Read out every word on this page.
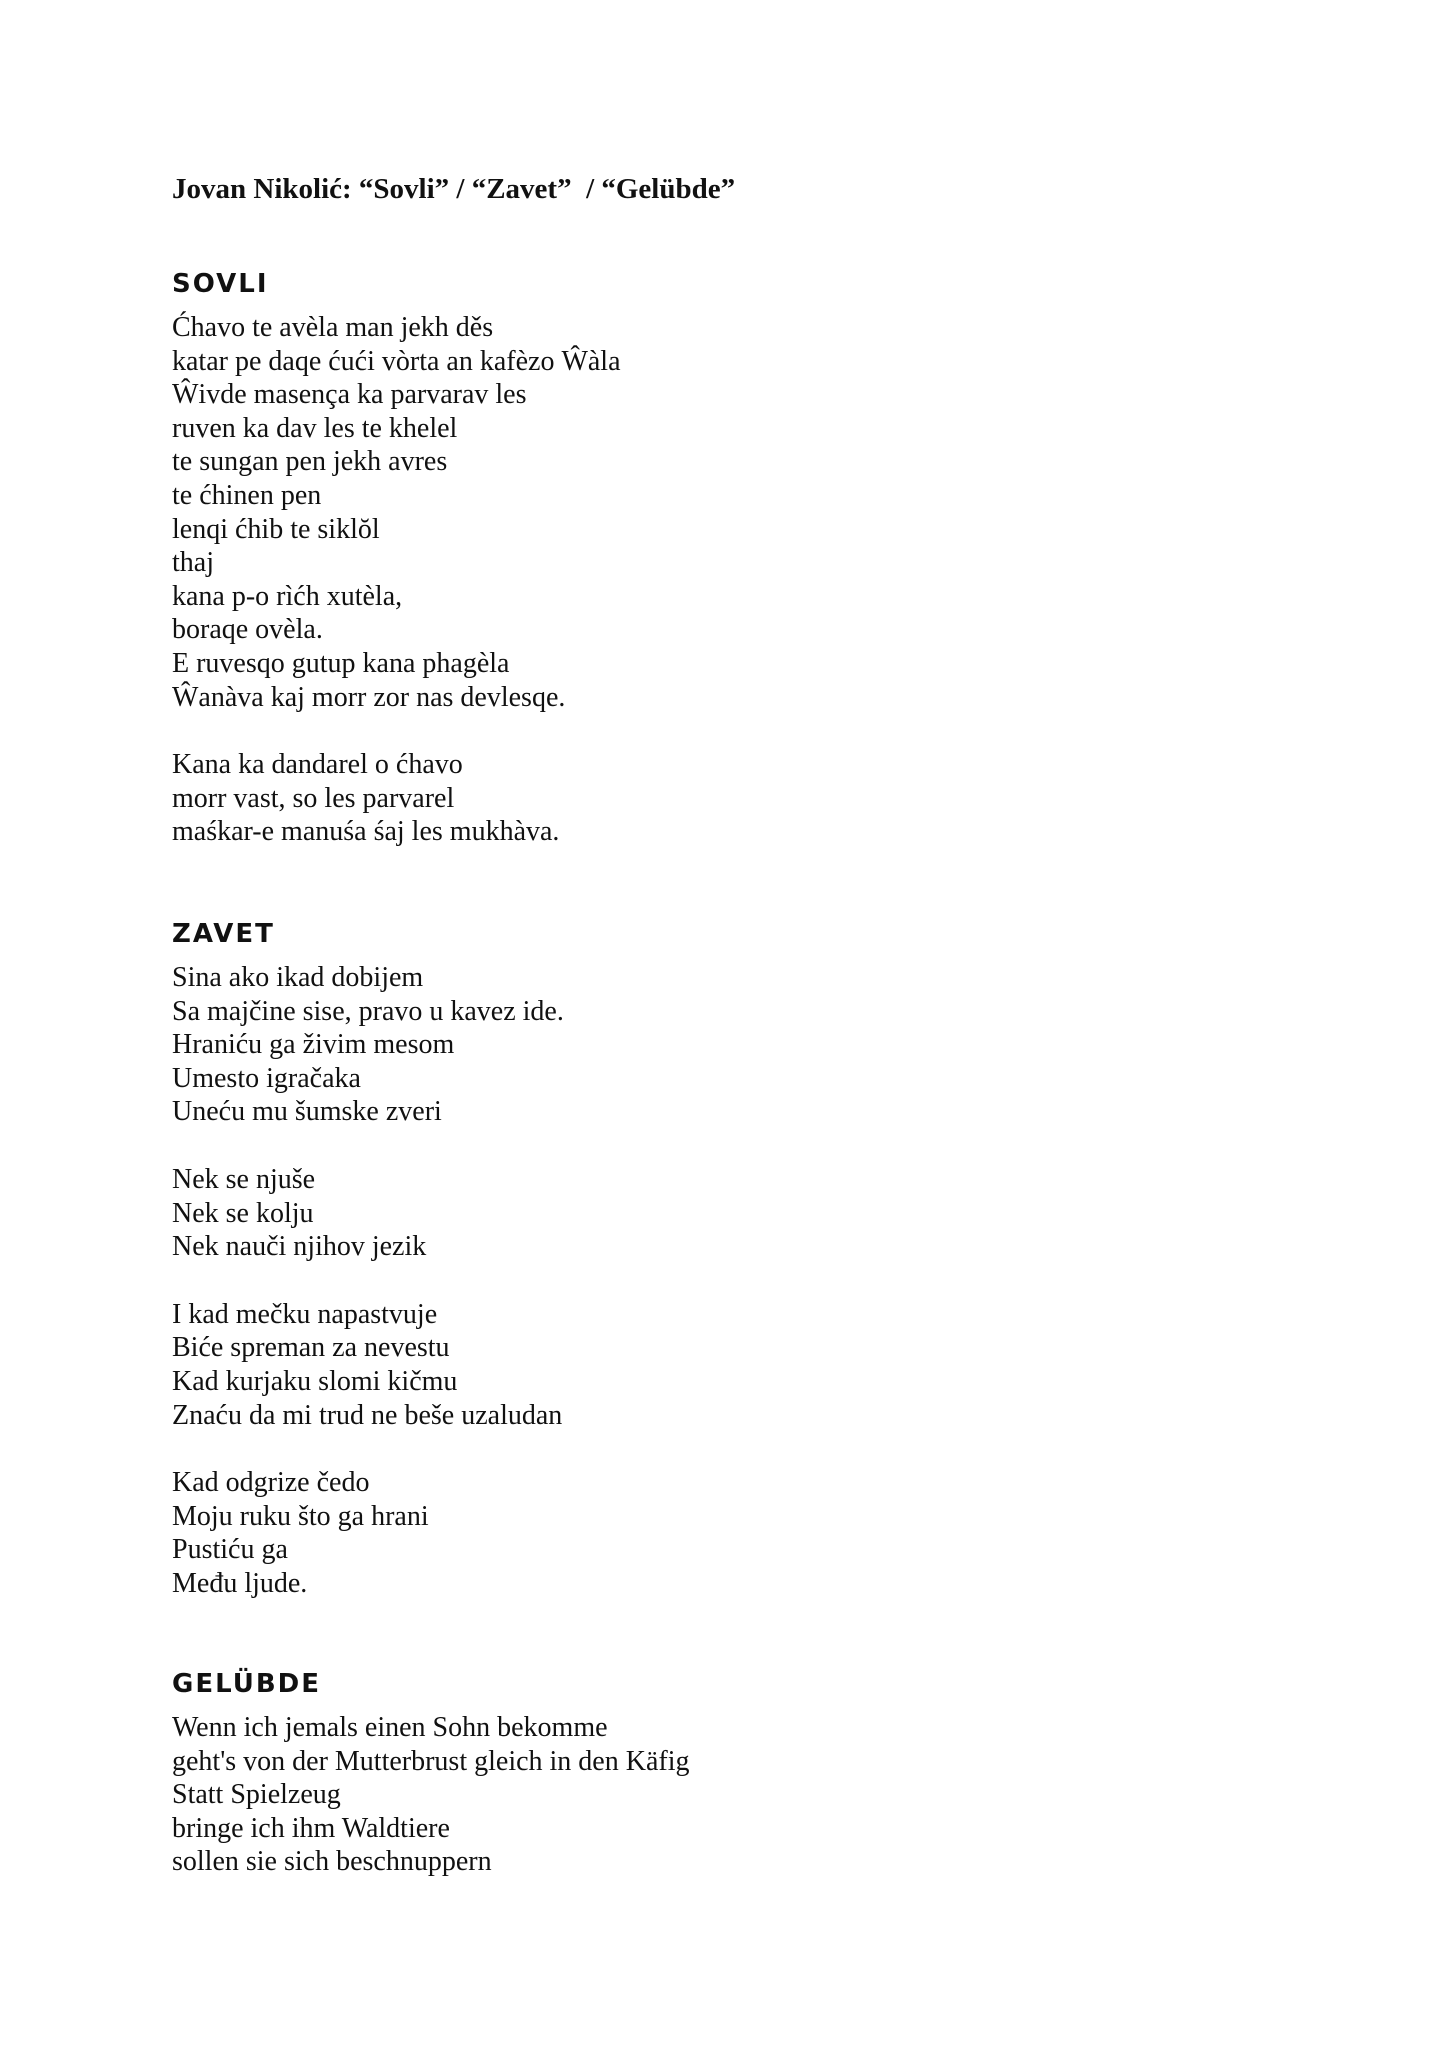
Jovan Nikolić: “Sovli” / “Zavet”  / “Gelübde”
SOVLI
Ćhavo te avèla man jekh děs
katar pe daqe ćući vòrta an kafèzo Ŵàla
Ŵivde masença ka parvarav les
ruven ka dav les te khelel
te sungan pen jekh avres
te ćhinen pen
lenqi ćhib te siklŏl
thaj
kana p-o rìćh xutèla,
boraqe ovèla.
E ruvesqo gutup kana phagèla
Ŵanàva kaj morr zor nas devlesqe.
Kana ka dandarel o ćhavo
morr vast, so les parvarel
maśkar-e manuśa śaj les mukhàva.
ZAVET
Sina ako ikad dobijem
Sa majčine sise, pravo u kavez ide.
Hraniću ga živim mesom
Umesto igračaka
Uneću mu šumske zveri
Nek se njuše
Nek se kolju
Nek nauči njihov jezik
I kad mečku napastvuje
Biće spreman za nevestu
Kad kurjaku slomi kičmu
Znaću da mi trud ne beše uzaludan
Kad odgrize čedo
Moju ruku što ga hrani
Pustiću ga
Među ljude.
GELÜBDE
Wenn ich jemals einen Sohn bekomme
geht's von der Mutterbrust gleich in den Käfig
Statt Spielzeug
bringe ich ihm Waldtiere
sollen sie sich beschnuppern
